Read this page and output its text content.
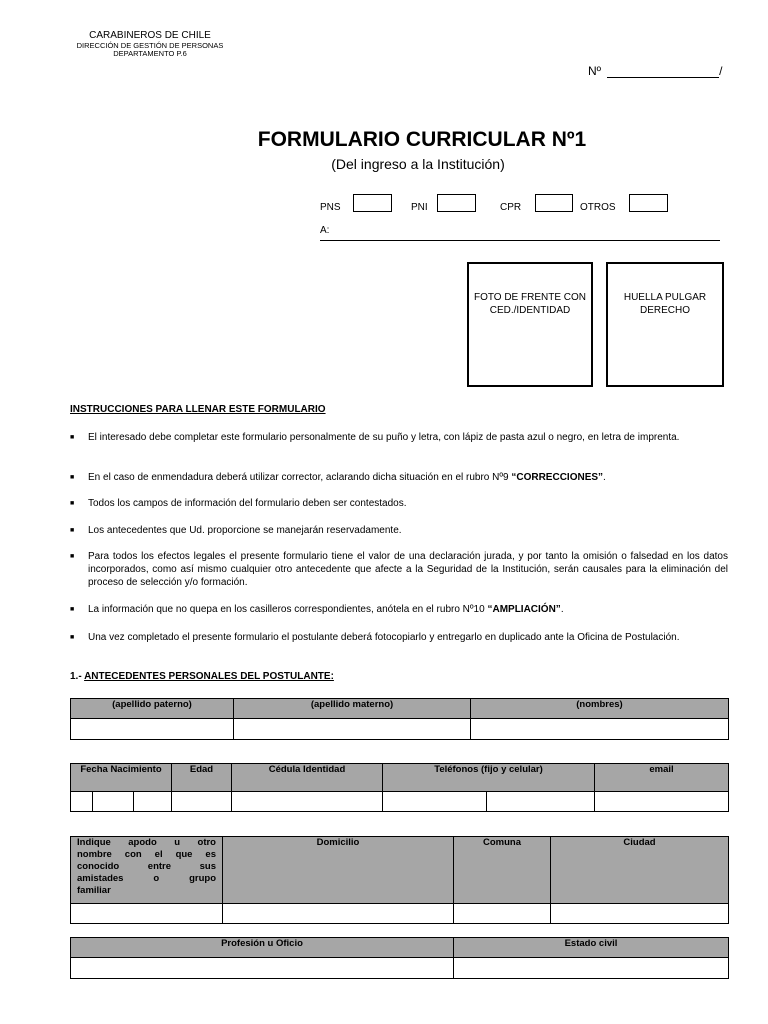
CARABINEROS DE CHILE
DIRECCIÓN DE GESTIÓN DE PERSONAS
DEPARTAMENTO P.6
Nº	/
FORMULARIO CURRICULAR Nº1
(Del ingreso a la Institución)
PNS	PNI	CPR	OTROS
A:
FOTO DE FRENTE CON
CED./IDENTIDAD
HUELLA PULGAR
DERECHO
INSTRUCCIONES PARA LLENAR ESTE FORMULARIO
■	El interesado debe completar este formulario personalmente de su puño y letra, con lápiz de pasta azul o negro, en letra de imprenta.
■	En el caso de enmendadura deberá utilizar corrector, aclarando dicha situación en el rubro Nº9 “CORRECCIONES”.
■	Todos los campos de información del formulario deben ser contestados.
■	Los antecedentes que Ud. proporcione se manejarán reservadamente.
■	Para todos los efectos legales el presente formulario tiene el valor de una declaración jurada, y por tanto la omisión o falsedad en los datos incorporados, como así mismo cualquier otro antecedente que afecte a la Seguridad de la Institución, serán causales para la eliminación del proceso de selección y/o formación.
■	La información que no quepa en los casilleros correspondientes, anótela en el rubro Nº10 “AMPLIACIÓN”.
■	Una vez completado el presente formulario el postulante deberá fotocopiarlo y entregarlo en duplicado ante la Oficina de Postulación.
1.- ANTECEDENTES PERSONALES DEL POSTULANTE:
(apellido paterno)	(apellido materno)	(nombres)

Fecha Nacimiento			Edad	Cédula Identidad	Teléfonos (fijo y celular)		email

Indique apodo u otro
nombre con el que es
conocido entre sus
amistades o grupo
familiar	Domicilio	Comuna	Ciudad

Profesión u Oficio	Estado civil
